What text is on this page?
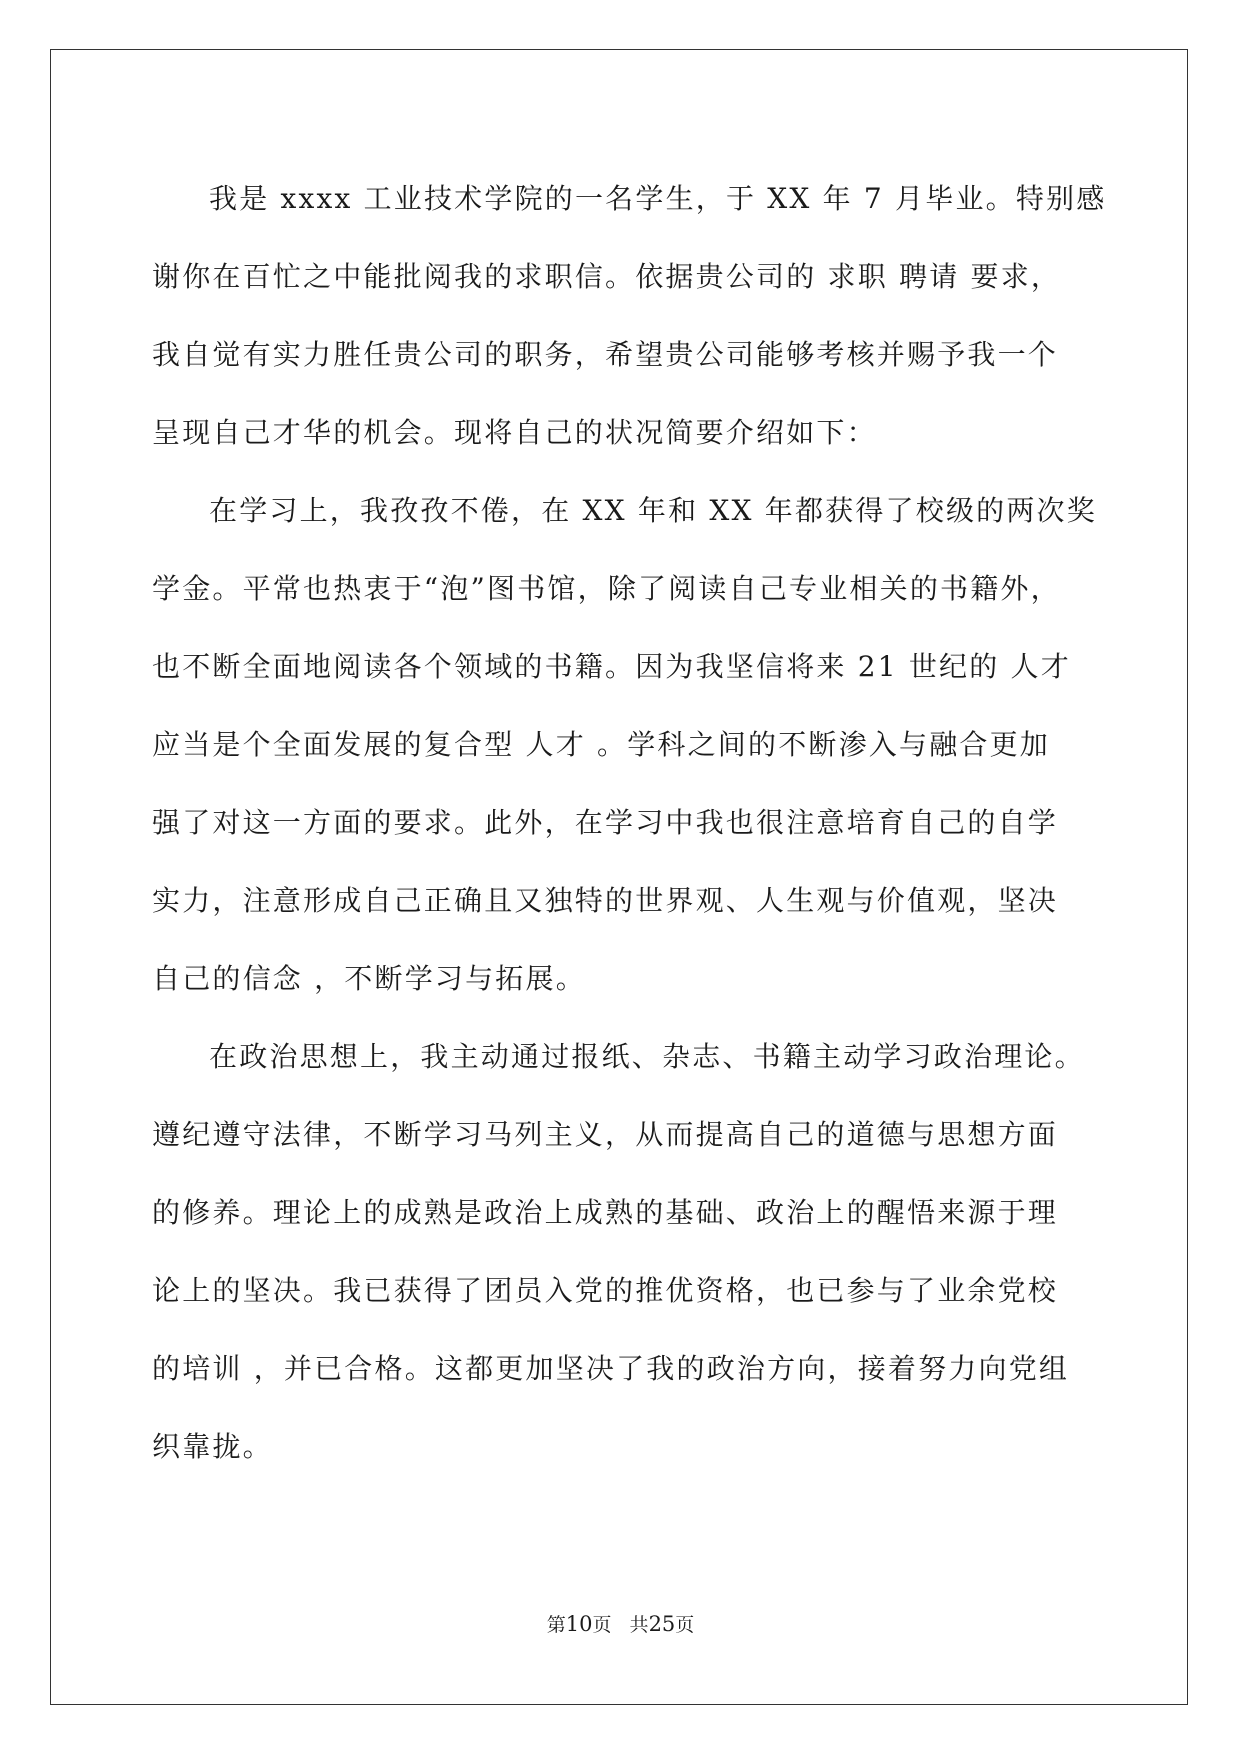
我是 xxxx 工业技术学院的一名学生，于 XX 年 7 月毕业。特别感
谢你在百忙之中能批阅我的求职信。依据贵公司的 求职 聘请 要求，
我自觉有实力胜任贵公司的职务，希望贵公司能够考核并赐予我一个
呈现自己才华的机会。现将自己的状况简要介绍如下：
在学习上，我孜孜不倦，在 XX 年和 XX 年都获得了校级的两次奖
学金。平常也热衷于“泡”图书馆，除了阅读自己专业相关的书籍外，
也不断全面地阅读各个领域的书籍。因为我坚信将来 21 世纪的 人才
应当是个全面发展的复合型 人才 。学科之间的不断渗入与融合更加
强了对这一方面的要求。此外，在学习中我也很注意培育自己的自学
实力，注意形成自己正确且又独特的世界观、人生观与价值观，坚决
自己的信念 ，不断学习与拓展。
在政治思想上，我主动通过报纸、杂志、书籍主动学习政治理论。
遵纪遵守法律，不断学习马列主义，从而提高自己的道德与思想方面
的修养。理论上的成熟是政治上成熟的基础、政治上的醒悟来源于理
论上的坚决。我已获得了团员入党的推优资格，也已参与了业余党校
的培训 ，并已合格。这都更加坚决了我的政治方向，接着努力向党组
织靠拢。
第10页   共25页
